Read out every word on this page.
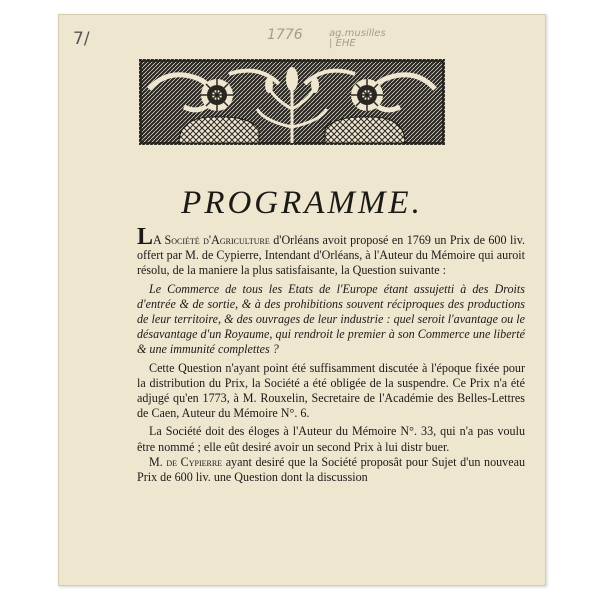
7/	1776	ag.musilles | EHE
PROGRAMME.

LA Société d'Agriculture d'Orléans avoit proposé en 1769 un Prix de 600 liv. offert par M. de Cypierre, Intendant d'Orléans, à l'Auteur du Mémoire qui auroit résolu, de la maniere la plus satisfaisante, la Question suivante :

Le Commerce de tous les Etats de l'Europe étant assujetti à des Droits d'entrée & de sortie, & à des prohibitions souvent réciproques des productions de leur territoire, & des ouvrages de leur industrie : quel seroit l'avantage ou le désavantage d'un Royaume, qui rendroit le premier à son Commerce une liberté & une immunité complettes ?

Cette Question n'ayant point été suffisamment discutée à l'époque fixée pour la distribution du Prix, la Société a été obligée de la suspendre. Ce Prix n'a été adjugé qu'en 1773, à M. Rouxelin, Secretaire de l'Académie des Belles-Lettres de Caen, Auteur du Mémoire N°. 6.

La Société doit des éloges à l'Auteur du Mémoire N°. 33, qui n'a pas voulu être nommé ; elle eût desiré avoir un second Prix à lui distr buer.

M. de Cypierre ayant desiré que la Société proposât pour Sujet d'un nouveau Prix de 600 liv. une Question dont la discussion
